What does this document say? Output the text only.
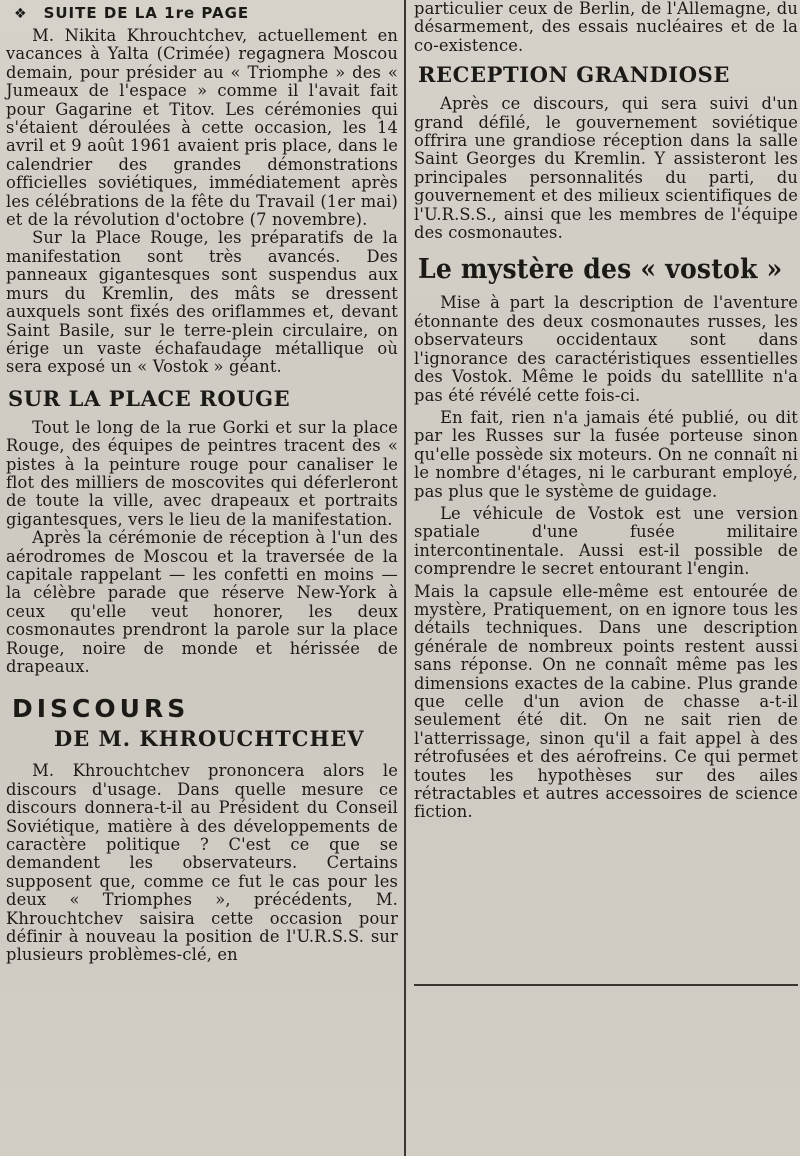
❖ SUITE DE LA 1re PAGE

M. Nikita Khrouchtchev, actuellement en vacances à Yalta (Crimée) regagnera Moscou demain, pour présider au « Triomphe » des « Jumeaux de l'espace » comme il l'avait fait pour Gagarine et Titov. Les cérémonies qui s'étaient déroulées à cette occasion, les 14 avril et 9 août 1961 avaient pris place, dans le calendrier des grandes démonstrations officielles soviétiques, immédiatement après les célébrations de la fête du Travail (1er mai) et de la révolution d'octobre (7 novembre).

Sur la Place Rouge, les préparatifs de la manifestation sont très avancés. Des panneaux gigantesques sont suspendus aux murs du Kremlin, des mâts se dressent auxquels sont fixés des oriflammes et, devant Saint Basile, sur le terre-plein circulaire, on érige un vaste échafaudage métallique où sera exposé un « Vostok » géant.

SUR LA PLACE ROUGE

Tout le long de la rue Gorki et sur la place Rouge, des équipes de peintres tracent des « pistes à la peinture rouge pour canaliser le flot des milliers de moscovites qui déferleront de toute la ville, avec drapeaux et portraits gigantesques, vers le lieu de la manifestation.

Après la cérémonie de réception à l'un des aérodromes de Moscou et la traversée de la capitale rappelant — les confetti en moins — la célèbre parade que réserve New-York à ceux qu'elle veut honorer, les deux cosmonautes prendront la parole sur la place Rouge, noire de monde et hérissée de drapeaux.

DISCOURS
DE M. KHROUCHTCHEV

M. Khrouchtchev prononcera alors le discours d'usage. Dans quelle mesure ce discours donnera-t-il au Président du Conseil Soviétique, matière à des développements de caractère politique ? C'est ce que se demandent les observateurs. Certains supposent que, comme ce fut le cas pour les deux « Triomphes », précédents, M. Khrouchtchev saisira cette occasion pour définir à nouveau la position de l'U.R.S.S. sur plusieurs problèmes-clé, en

particulier ceux de Berlin, de l'Allemagne, du désarmement, des essais nucléaires et de la co-existence.

RECEPTION GRANDIOSE

Après ce discours, qui sera suivi d'un grand défilé, le gouvernement soviétique offrira une grandiose réception dans la salle Saint Georges du Kremlin. Y assisteront les principales personnalités du parti, du gouvernement et des milieux scientifiques de l'U.R.S.S., ainsi que les membres de l'équipe des cosmonautes.

Le mystère des « vostok »

Mise à part la description de l'aventure étonnante des deux cosmonautes russes, les observateurs occidentaux sont dans l'ignorance des caractéristiques essentielles des Vostok. Même le poids du satelllite n'a pas été révélé cette fois-ci.

En fait, rien n'a jamais été publié, ou dit par les Russes sur la fusée porteuse sinon qu'elle possède six moteurs. On ne connaît ni le nombre d'étages, ni le carburant employé, pas plus que le système de guidage.

Le véhicule de Vostok est une version spatiale d'une fusée militaire intercontinentale. Aussi est-il possible de comprendre le secret entourant l'engin.

Mais la capsule elle-même est entourée de mystère, Pratiquement, on en ignore tous les détails techniques. Dans une description générale de nombreux points restent aussi sans réponse. On ne connaît même pas les dimensions exactes de la cabine. Plus grande que celle d'un avion de chasse a-t-il seulement été dit. On ne sait rien de l'atterrissage, sinon qu'il a fait appel à des rétrofusées et des aérofreins. Ce qui permet toutes les hypothèses sur des ailes rétractables et autres accessoires de science fiction.
